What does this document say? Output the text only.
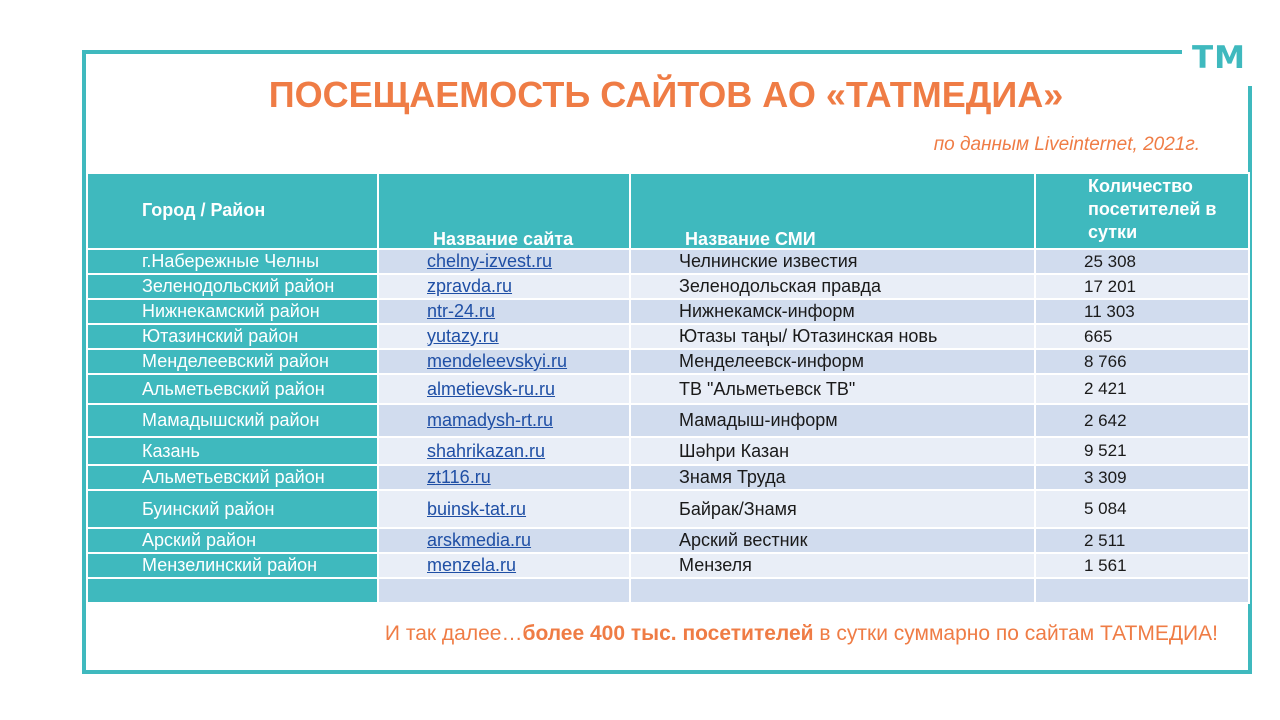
ТМ
ПОСЕЩАЕМОСТЬ САЙТОВ АО «ТАТМЕДИА»
по данным Liveinternet, 2021г.
Город / Район	Название сайта	Название СМИ	Количество посетителей в сутки

г.Набережные Челны	chelny-izvest.ru	Челнинские известия	25 308
Зеленодольский район	zpravda.ru	Зеленодольская правда	17 201
Нижнекамский район	ntr-24.ru	Нижнекамск-информ	11 303
Ютазинский район	yutazy.ru	Ютазы таңы/ Ютазинская новь	665
Менделеевский район	mendeleevskyi.ru	Менделеевск-информ	8 766
Альметьевский район	almetievsk-ru.ru	ТВ "Альметьевск ТВ"	2 421
Мамадышский район	mamadysh-rt.ru	Мамадыш-информ	2 642
Казань	shahrikazan.ru	Шәһри Казан	9 521
Альметьевский район	zt116.ru	Знамя Труда	3 309
Буинский район	buinsk-tat.ru	Байрак/Знамя	5 084
Арский район	arskmedia.ru	Арский вестник	2 511
Мензелинский район	menzela.ru	Мензеля	1 561

И так далее…более 400 тыс. посетителей в сутки суммарно по сайтам ТАТМЕДИА!
